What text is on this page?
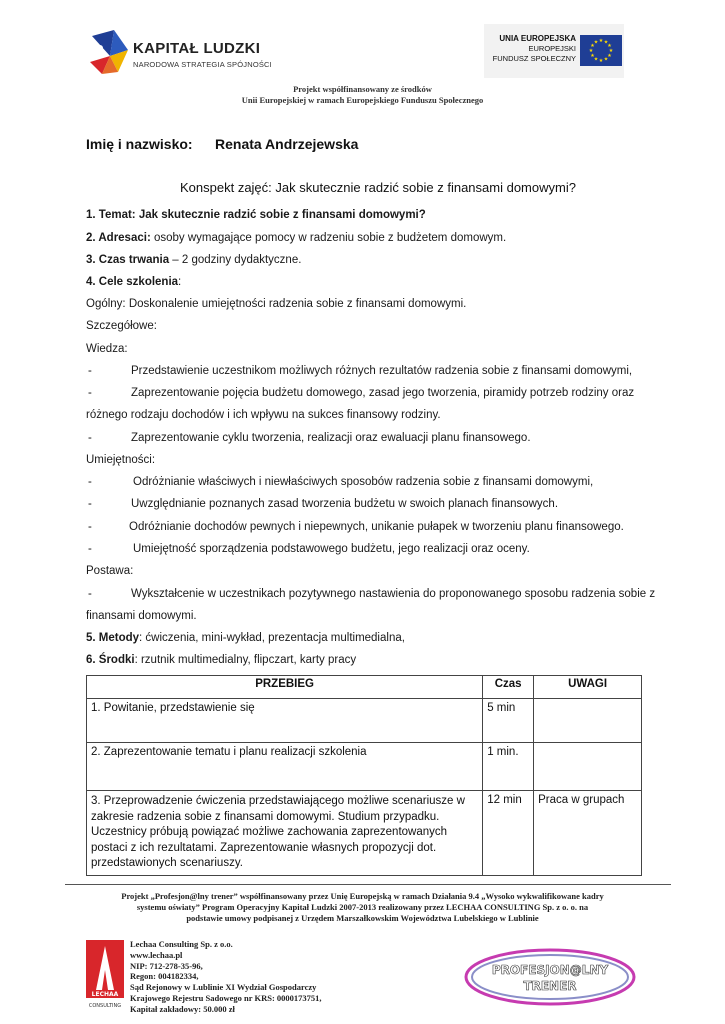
KAPITAŁ LUDZKI
NARODOWA STRATEGIA SPÓJNOŚCI
UNIA EUROPEJSKA
EUROPEJSKI
FUNDUSZ SPOŁECZNY
★ ★
★
★
★
★
★
★
★
★
★
★
Projekt współfinansowany ze środków
Unii Europejskiej w ramach Europejskiego Funduszu Społecznego
Imię i nazwisko: Renata Andrzejewska
Konspekt zajęć: Jak skutecznie radzić sobie z finansami domowymi?
1. Temat: Jak skutecznie radzić sobie z finansami domowymi?
2. Adresaci: osoby wymagające pomocy w radzeniu sobie z budżetem domowym.
3. Czas trwania – 2 godziny dydaktyczne.
4. Cele szkolenia:
Ogólny: Doskonalenie umiejętności radzenia sobie z finansami domowymi.
Szczegółowe:
Wiedza:
-	Przedstawienie uczestnikom możliwych różnych rezultatów radzenia sobie z finansami domowymi,
-	Zaprezentowanie pojęcia budżetu domowego, zasad jego tworzenia, piramidy potrzeb rodziny oraz
różnego rodzaju dochodów i ich wpływu na sukces finansowy rodziny.
-	Zaprezentowanie cyklu tworzenia, realizacji oraz ewaluacji planu finansowego.
Umiejętności:
-	Odróżnianie właściwych i niewłaściwych sposobów radzenia sobie z finansami domowymi,
-	Uwzględnianie poznanych zasad tworzenia budżetu w swoich planach finansowych.
-	Odróżnianie dochodów pewnych i niepewnych, unikanie pułapek w tworzeniu planu finansowego.
-	Umiejętność sporządzenia podstawowego budżetu, jego realizacji oraz oceny.
Postawa:
-	Wykształcenie w uczestnikach pozytywnego nastawienia do proponowanego sposobu radzenia sobie z
finansami domowymi.
5. Metody: ćwiczenia, mini-wykład, prezentacja multimedialna,
6. Środki: rzutnik multimedialny, flipczart, karty pracy
PRZEBIEG	Czas	UWAGI
1. Powitanie, przedstawienie się	5 min	
2. Zaprezentowanie tematu i planu realizacji szkolenia	1 min.	
3. Przeprowadzenie ćwiczenia przedstawiającego możliwe scenariusze w zakresie radzenia sobie z finansami domowymi. Studium przypadku. Uczestnicy próbują powiązać możliwe zachowania zaprezentowanych postaci z ich rezultatami. Zaprezentowanie własnych propozycji dot. przedstawionych scenariuszy.	12 min	Praca w grupach
Projekt „Profesjon@lny trener” współfinansowany przez Unię Europejską w ramach Działania 9.4 „Wysoko wykwalifikowane kadry
systemu oświaty” Program Operacyjny Kapitał Ludzki 2007-2013 realizowany przez LECHAA CONSULTING Sp. z o. o. na
podstawie umowy podpisanej z Urzędem Marszałkowskim Województwa Lubelskiego w Lublinie
LECHAA
CONSULTING
Lechaa Consulting Sp. z o.o.
www.lechaa.pl
NIP: 712-278-35-96,
Regon: 004182334,
Sąd Rejonowy w Lublinie XI Wydział Gospodarczy
Krajowego Rejestru Sadowego nr KRS: 0000173751,
Kapitał zakładowy: 50.000 zł
PROFESJON@LNY
TRENER
